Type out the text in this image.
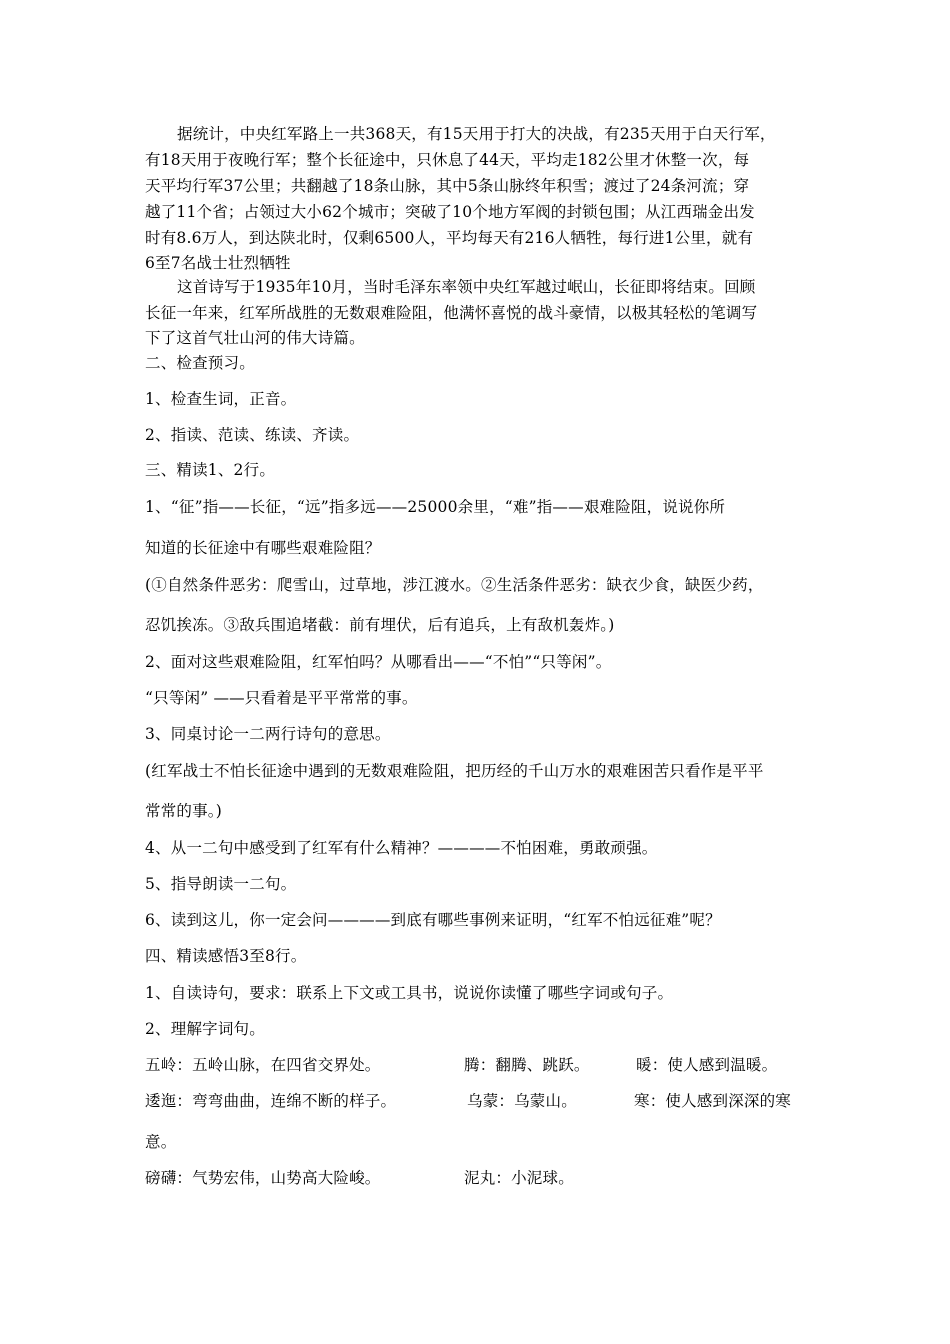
据统计，中央红军路上一共368天，有15天用于打大的决战，有235天用于白天行军，

有18天用于夜晚行军；整个长征途中，只休息了44天，平均走182公里才休整一次，每

天平均行军37公里；共翻越了18条山脉，其中5条山脉终年积雪；渡过了24条河流；穿

越了11个省；占领过大小62个城市；突破了10个地方军阀的封锁包围；从江西瑞金出发

时有8.6万人，到达陕北时，仅剩6500人，平均每天有216人牺牲，每行进1公里，就有

6至7名战士壮烈牺牲

这首诗写于1935年10月，当时毛泽东率领中央红军越过岷山，长征即将结束。回顾

长征一年来，红军所战胜的无数艰难险阻，他满怀喜悦的战斗豪情，以极其轻松的笔调写

下了这首气壮山河的伟大诗篇。

二、检查预习。

1、检查生词，正音。

2、指读、范读、练读、齐读。

三、精读1、2行。

1、“征”指——长征，“远”指多远——25000余里，“难”指——艰难险阻，说说你所

知道的长征途中有哪些艰难险阻？

(①自然条件恶劣：爬雪山，过草地，涉江渡水。②生活条件恶劣：缺衣少食，缺医少药，

忍饥挨冻。③敌兵围追堵截：前有埋伏，后有追兵，上有敌机轰炸。)

2、面对这些艰难险阻，红军怕吗？从哪看出——“不怕”“只等闲”。

“只等闲” ——只看着是平平常常的事。

3、同桌讨论一二两行诗句的意思。

(红军战士不怕长征途中遇到的无数艰难险阻，把历经的千山万水的艰难困苦只看作是平平

常常的事。)

4、从一二句中感受到了红军有什么精神？————不怕困难，勇敢顽强。

5、指导朗读一二句。

6、读到这儿，你一定会问————到底有哪些事例来证明，“红军不怕远征难”呢？

四、精读感悟3至8行。

1、自读诗句，要求：联系上下文或工具书，说说你读懂了哪些字词或句子。

2、理解字词句。

五岭：五岭山脉，在四省交界处。	腾：翻腾、跳跃。	暖：使人感到温暖。

逶迤：弯弯曲曲，连绵不断的样子。	乌蒙：乌蒙山。	寒：使人感到深深的寒

意。

磅礴：气势宏伟，山势高大险峻。	泥丸：小泥球。
